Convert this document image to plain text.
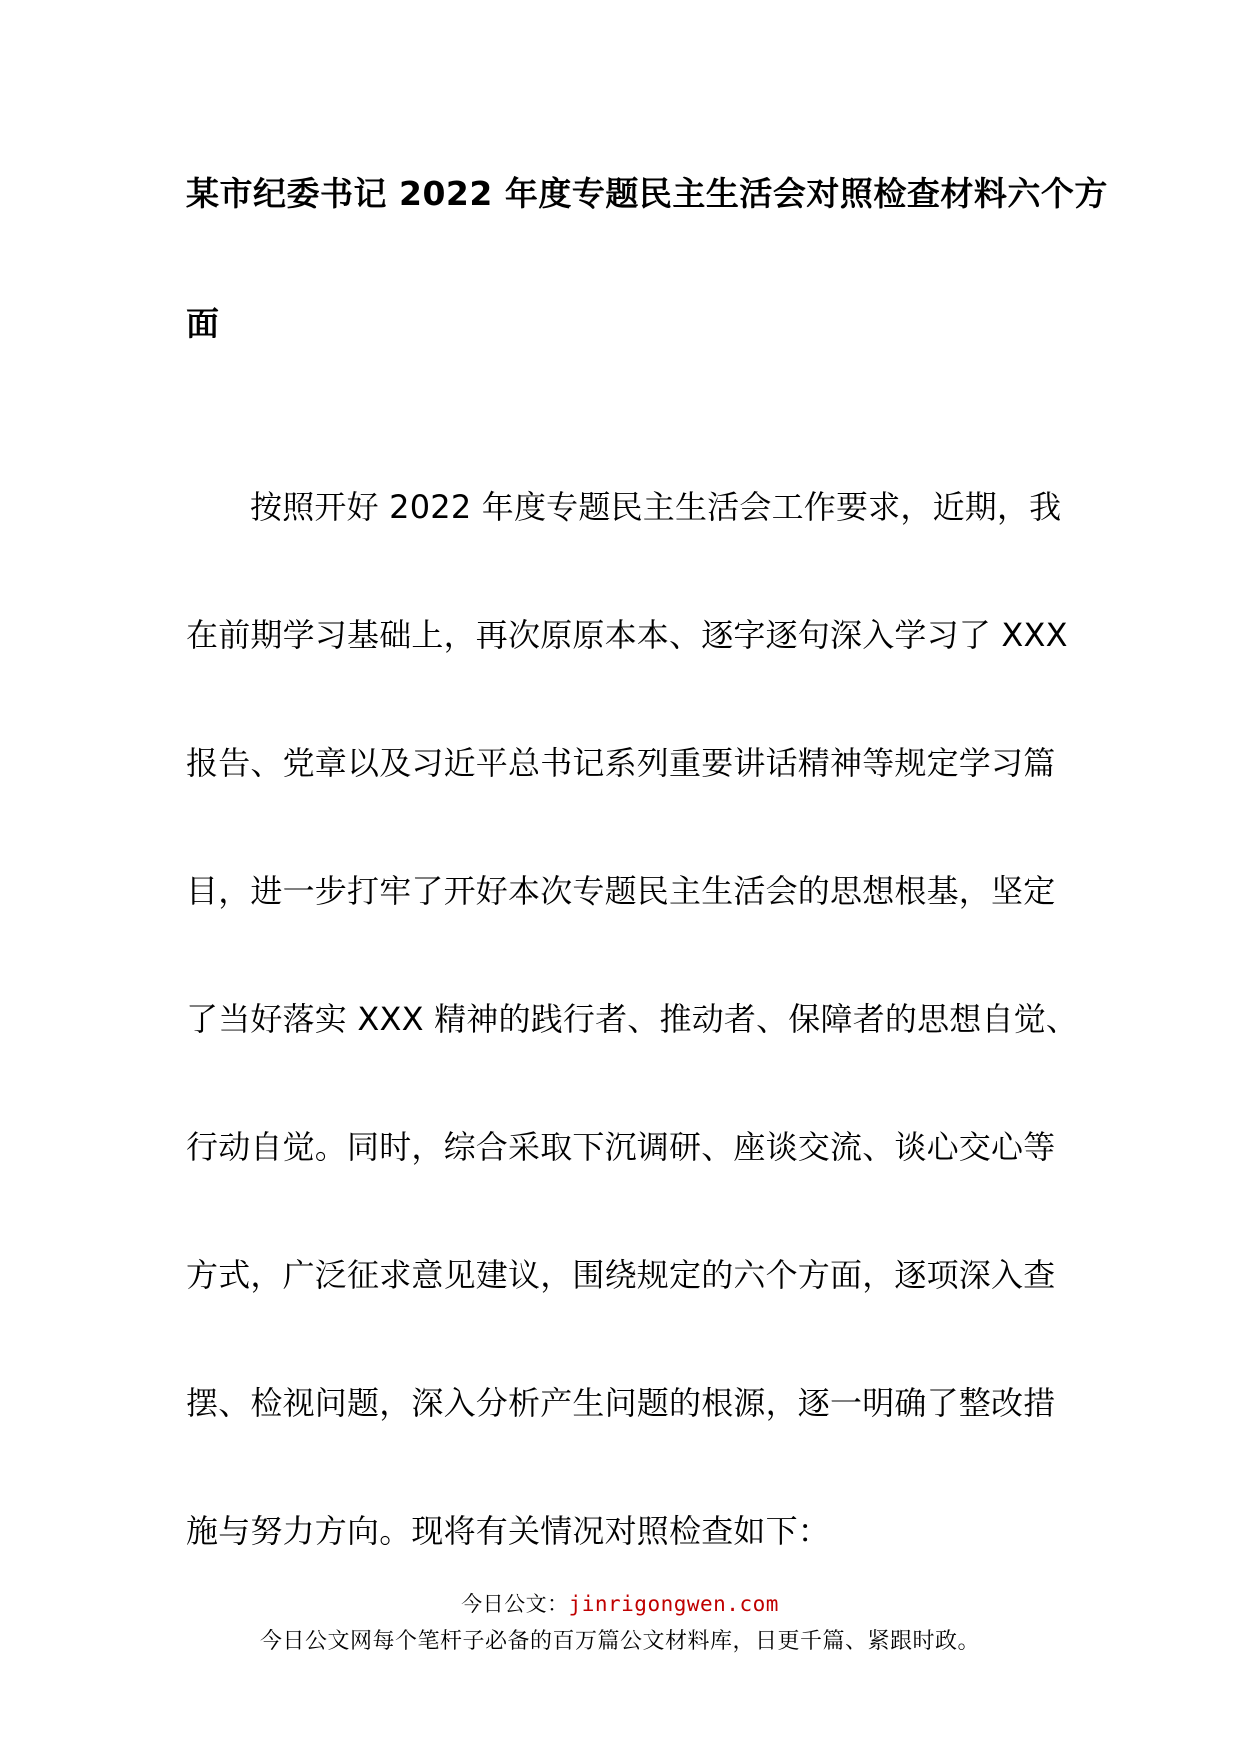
某市纪委书记 2022 年度专题民主生活会对照检查材料六个方
面
按照开好 2022 年度专题民主生活会工作要求，近期，我
在前期学习基础上，再次原原本本、逐字逐句深入学习了 XXX
报告、党章以及习近平总书记系列重要讲话精神等规定学习篇
目，进一步打牢了开好本次专题民主生活会的思想根基，坚定
了当好落实 XXX 精神的践行者、推动者、保障者的思想自觉、
行动自觉。同时，综合采取下沉调研、座谈交流、谈心交心等
方式，广泛征求意见建议，围绕规定的六个方面，逐项深入查
摆、检视问题，深入分析产生问题的根源，逐一明确了整改措
施与努力方向。现将有关情况对照检查如下：
今日公文：jinrigongwen.com
今日公文网每个笔杆子必备的百万篇公文材料库，日更千篇、紧跟时政。
